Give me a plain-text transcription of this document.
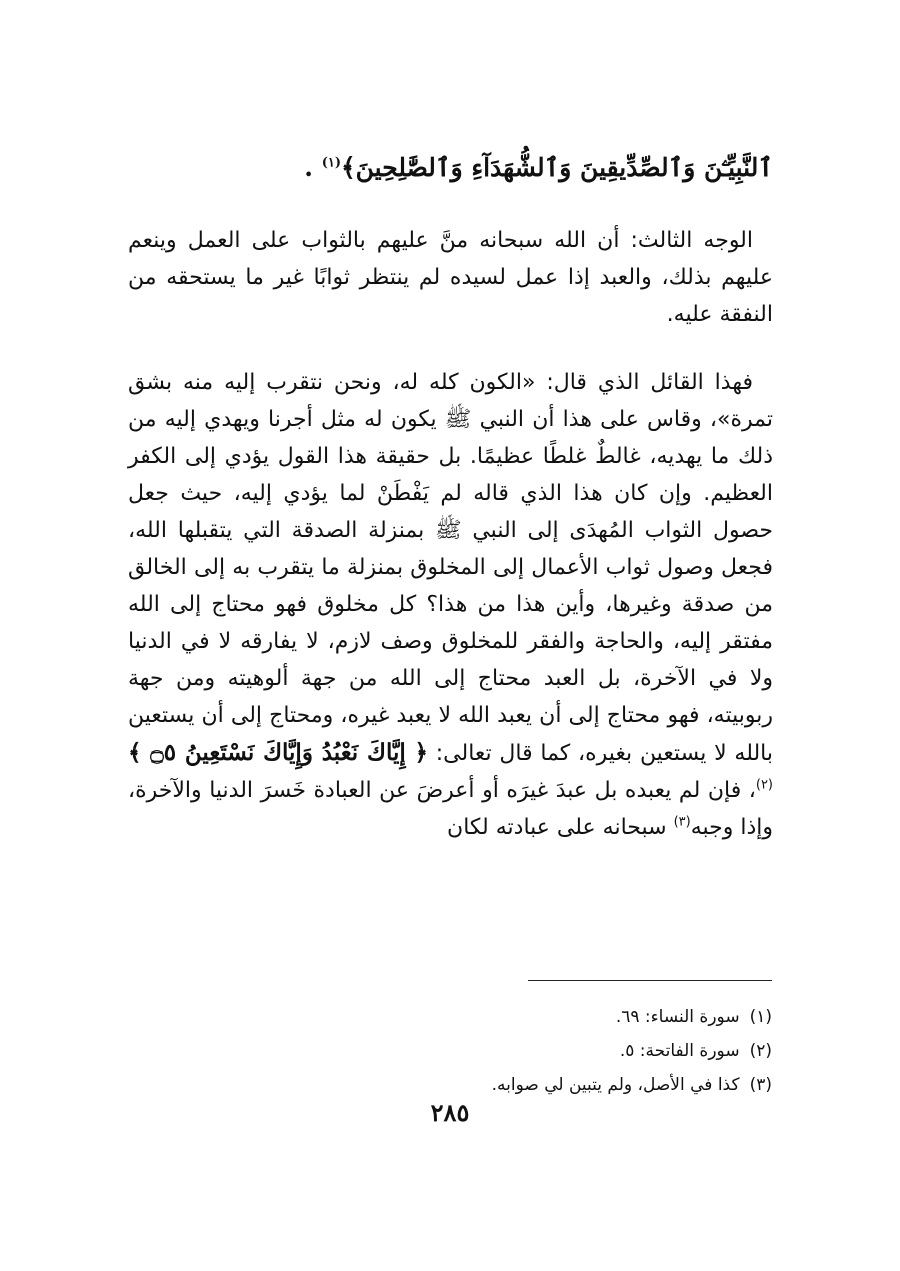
ٱلنَّبِيِّـۧنَ وَٱلصِّدِّيقِينَ وَٱلشُّهَدَآءِ وَٱلصَّٰلِحِينَ﴾$^{(١)}$ .
الوجه الثالث: أن الله سبحانه منَّ عليهم بالثواب على العمل وينعم عليهم بذلك، والعبد إذا عمل لسيده لم ينتظر ثوابًا غير ما يستحقه من النفقة عليه.
فهذا القائل الذي قال: «الكون كله له، ونحن نتقرب إليه منه بشق تمرة»، وقاس على هذا أن النبي ﷺ يكون له مثل أجرنا ويهدي إليه من ذلك ما يهديه، غالطٌ غلطًا عظيمًا. بل حقيقة هذا القول يؤدي إلى الكفر العظيم. وإن كان هذا الذي قاله لم يَفْطَنْ لما يؤدي إليه، حيث جعل حصول الثواب المُهدَى إلى النبي ﷺ بمنزلة الصدقة التي يتقبلها الله، فجعل وصول ثواب الأعمال إلى المخلوق بمنزلة ما يتقرب به إلى الخالق من صدقة وغيرها، وأين هذا من هذا؟ كل مخلوق فهو محتاج إلى الله مفتقر إليه، والحاجة والفقر للمخلوق وصف لازم، لا يفارقه لا في الدنيا ولا في الآخرة، بل العبد محتاج إلى الله من جهة ألوهيته ومن جهة ربوبيته، فهو محتاج إلى أن يعبد الله لا يعبد غيره، ومحتاج إلى أن يستعين بالله لا يستعين بغيره، كما قال تعالى: ﴿ إِيَّاكَ نَعْبُدُ وَإِيَّاكَ نَسْتَعِينُ ۝٥ ﴾$^{(٢)}$، فإن لم يعبده بل عبدَ غيرَه أو أعرضَ عن العبادة خَسرَ الدنيا والآخرة، وإذا وجبه$^{(٣)}$ سبحانه على عبادته لكان
(١)سورة النساء: ٦٩.
(٢)سورة الفاتحة: ٥.
(٣)كذا في الأصل، ولم يتبين لي صوابه.
٢٨٥
